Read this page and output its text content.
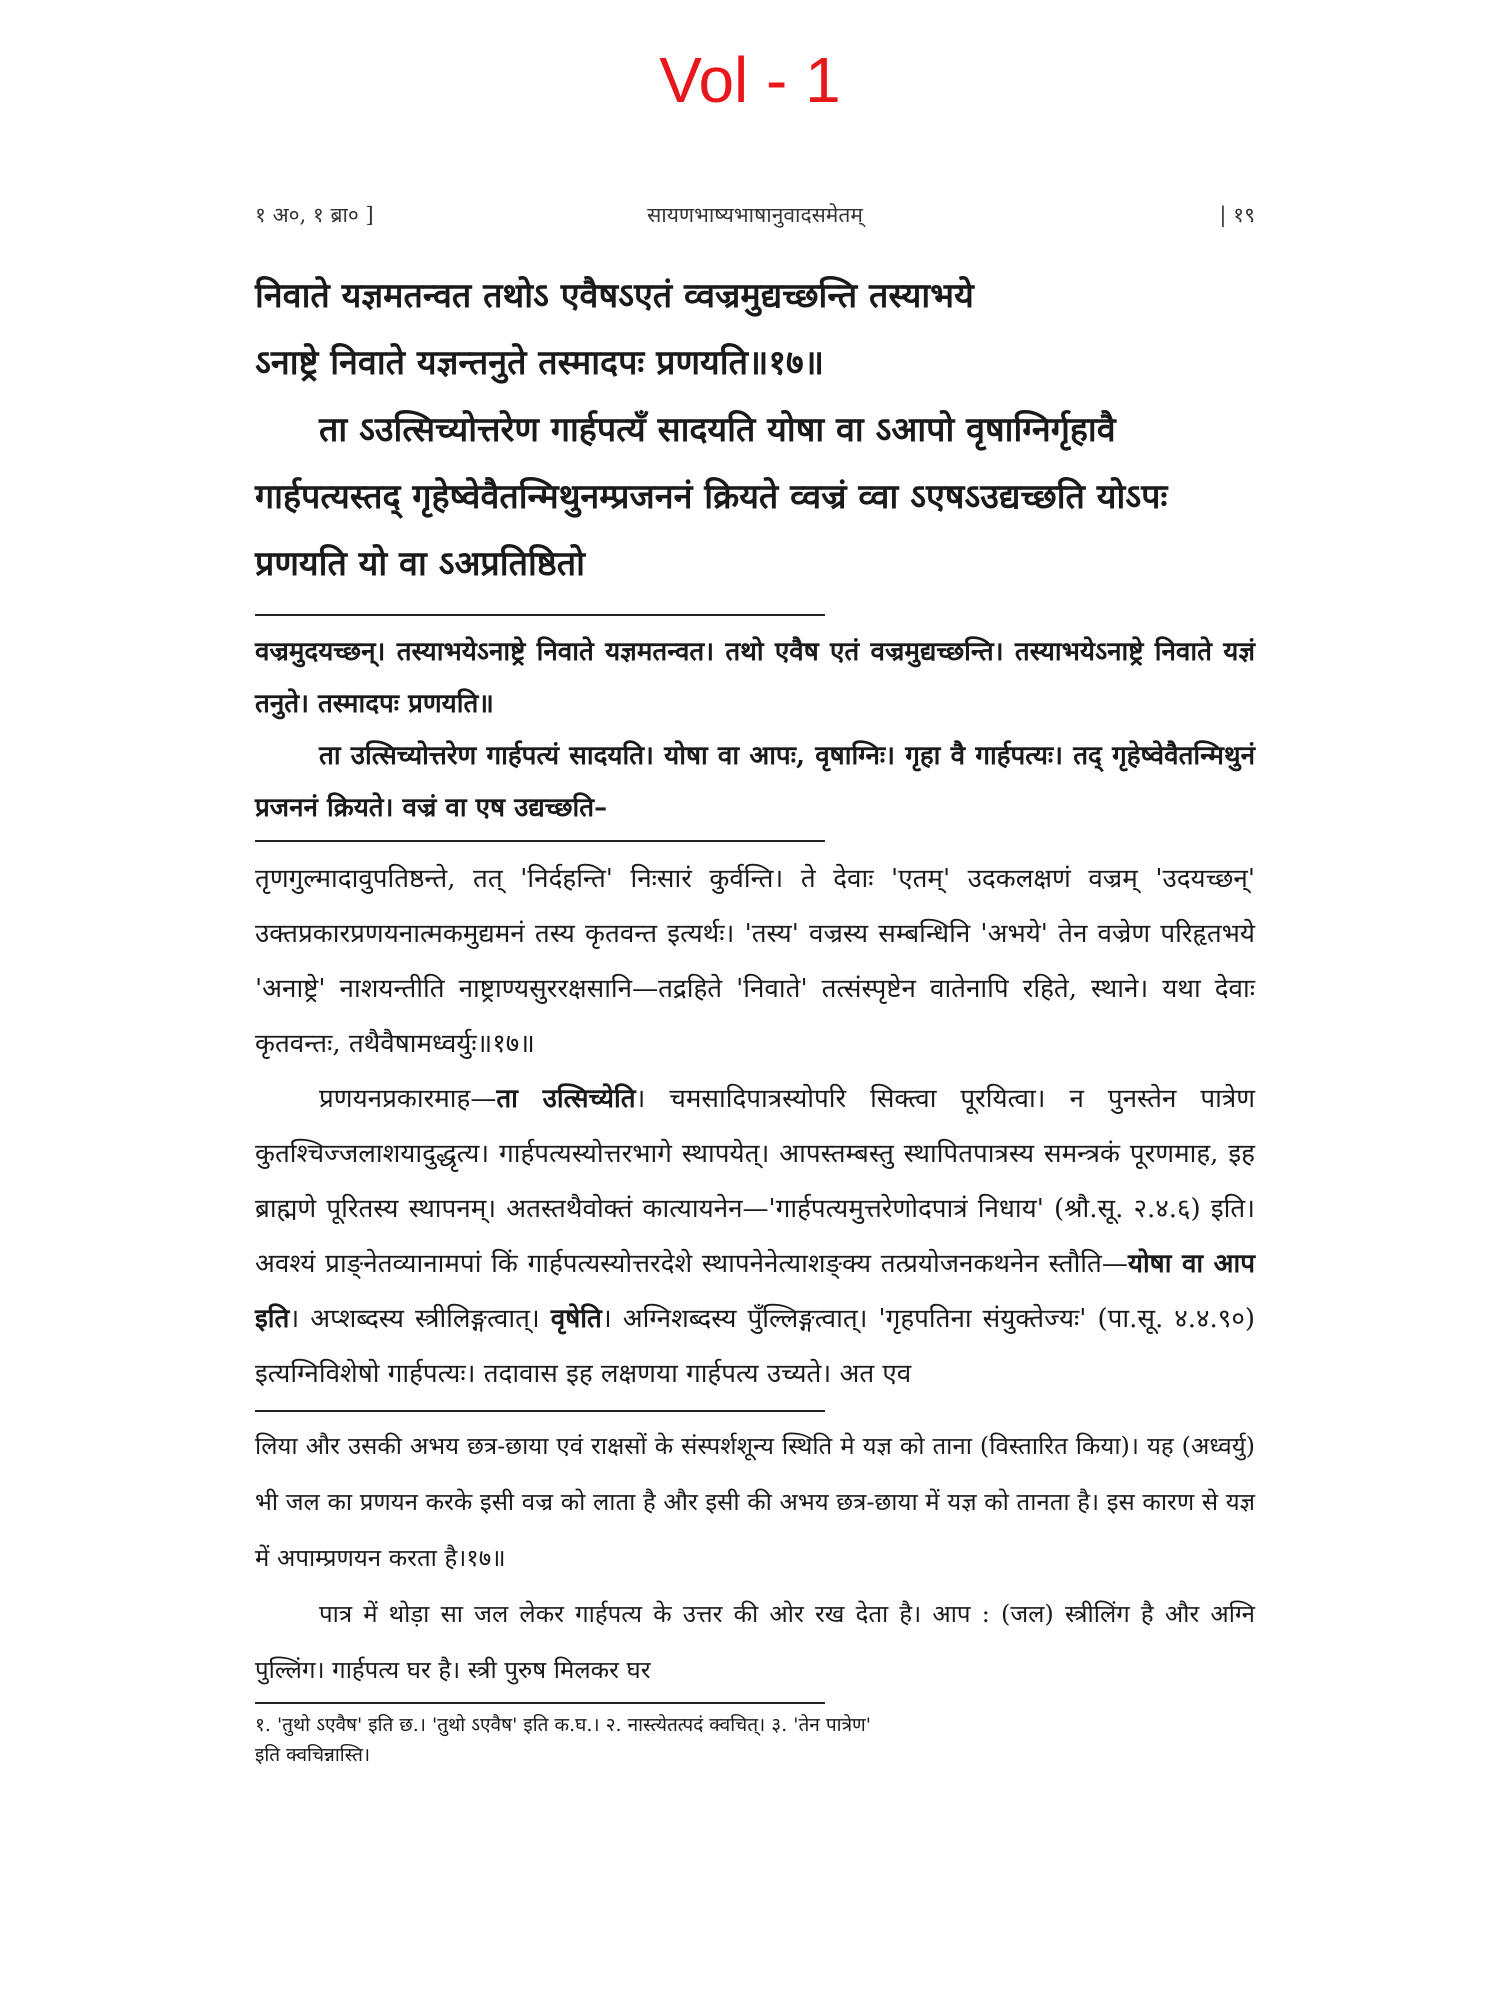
Vol - 1
१ अ०, १ ब्रा० ]	सायणभाष्यभाषानुवादसमेतम्	| १९

निवाते यज्ञमतन्वत तथोऽ एवैषऽएतं व्वज्रमुद्यच्छन्ति तस्याभये

ऽनाष्ट्रे निवाते यज्ञन्तनुते तस्मादपः प्रणयति॥१७॥

ता ऽउत्सिच्योत्तरेण गार्हपत्यँ सादयति योषा वा ऽआपो वृषाग्निर्गृहावै गार्हपत्यस्तद् गृहेष्वेवैतन्मिथुनम्प्रजननं क्रियते व्वज्रं व्वा ऽएषऽउद्यच्छति योऽपः प्रणयति यो वा ऽअप्रतिष्ठितो

वज्रमुदयच्छन्। तस्याभयेऽनाष्ट्रे निवाते यज्ञमतन्वत। तथो एवैष एतं वज्रमुद्यच्छन्ति। तस्याभयेऽनाष्ट्रे निवाते यज्ञं तनुते। तस्मादपः प्रणयति॥

ता उत्सिच्योत्तरेण गार्हपत्यं सादयति। योषा वा आपः, वृषाग्निः। गृहा वै गार्हपत्यः। तद् गृहेष्वेवैतन्मिथुनं प्रजननं क्रियते। वज्रं वा एष उद्यच्छति–

तृणगुल्मादावुपतिष्ठन्ते, तत् 'निर्दहन्ति' निःसारं कुर्वन्ति। ते देवाः 'एतम्' उदकलक्षणं वज्रम् 'उदयच्छन्' उक्तप्रकारप्रणयनात्मकमुद्यमनं तस्य कृतवन्त इत्यर्थः। 'तस्य' वज्रस्य सम्बन्धिनि 'अभये' तेन वज्रेण परिहृतभये 'अनाष्ट्रे' नाशयन्तीति नाष्ट्राण्यसुररक्षसानि—तद्रहिते 'निवाते' तत्संस्पृष्टेन वातेनापि रहिते, स्थाने। यथा देवाः कृतवन्तः, तथैवैषामध्वर्युः॥१७॥

प्रणयनप्रकारमाह—ता उत्सिच्येति। चमसादिपात्रस्योपरि सिक्त्वा पूरयित्वा। न पुनस्तेन पात्रेण कुतश्चिज्जलाशयादुद्धृत्य। गार्हपत्यस्योत्तरभागे स्थापयेत्। आपस्तम्बस्तु स्थापितपात्रस्य समन्त्रकं पूरणमाह, इह ब्राह्मणे पूरितस्य स्थापनम्। अतस्तथैवोक्तं कात्यायनेन—'गार्हपत्यमुत्तरेणोदपात्रं निधाय' (श्रौ.सू. २.४.६) इति। अवश्यं प्राङ्नेतव्यानामपां किं गार्हपत्यस्योत्तरदेशे स्थापनेनेत्याशङ्क्य तत्प्रयोजनकथनेन स्तौति—योषा वा आप इति। अप्शब्दस्य स्त्रीलिङ्गत्वात्। वृषेति। अग्निशब्दस्य पुँल्लिङ्गत्वात्। 'गृहपतिना संयुक्तेज्यः' (पा.सू. ४.४.९०) इत्यग्निविशेषो गार्हपत्यः। तदावास इह लक्षणया गार्हपत्य उच्यते। अत एव

लिया और उसकी अभय छत्र-छाया एवं राक्षसों के संस्पर्शशून्य स्थिति मे यज्ञ को ताना (विस्तारित किया)। यह (अध्वर्यु) भी जल का प्रणयन करके इसी वज्र को लाता है और इसी की अभय छत्र-छाया में यज्ञ को तानता है। इस कारण से यज्ञ में अपाम्प्रणयन करता है।१७॥

पात्र में थोड़ा सा जल लेकर गार्हपत्य के उत्तर की ओर रख देता है। आप : (जल) स्त्रीलिंग है और अग्नि पुल्लिंग। गार्हपत्य घर है। स्त्री पुरुष मिलकर घर

१. 'तुथो ऽएवैष' इति छ.। 'तुथो ऽएवैष' इति क.घ.। २. नास्त्येतत्पदं क्वचित्। ३. 'तेन पात्रेण'

इति क्वचिन्नास्ति।
